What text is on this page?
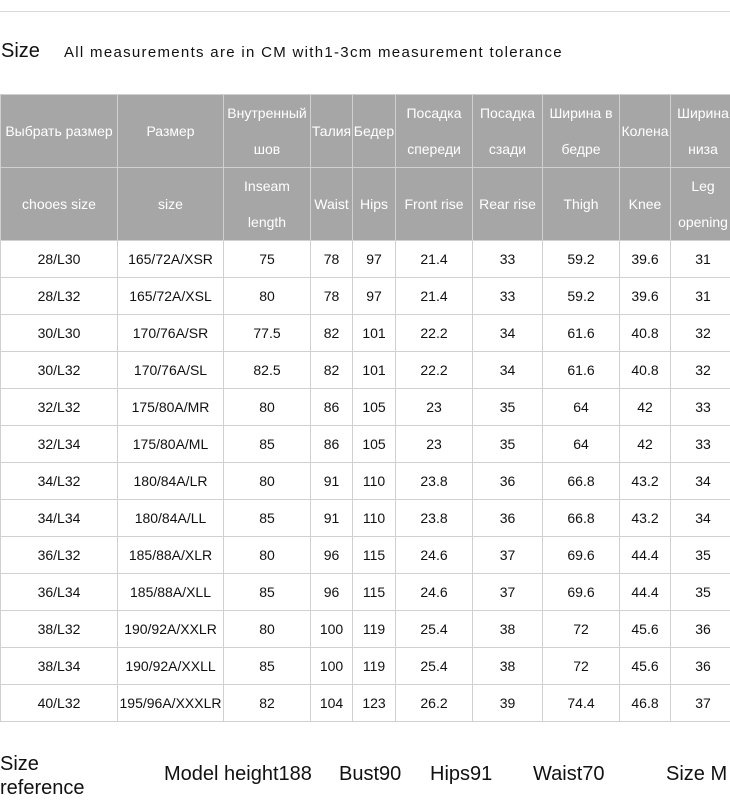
Size All measurements are in CM with1-3cm measurement tolerance
Выбрать размер	Размер	Внутренный шов	Талия	Бедер	Посадка спереди	Посадка сзади	Ширина в бедре	Колена	Ширина низа

chooes size	size	Inseam length	Waist	Hips	Front rise	Rear rise	Thigh	Knee	Leg opening

28/L30	165/72A/XSR	75	78	97	21.4	33	59.2	39.6	31
28/L32	165/72A/XSL	80	78	97	21.4	33	59.2	39.6	31
30/L30	170/76A/SR	77.5	82	101	22.2	34	61.6	40.8	32
30/L32	170/76A/SL	82.5	82	101	22.2	34	61.6	40.8	32
32/L32	175/80A/MR	80	86	105	23	35	64	42	33
32/L34	175/80A/ML	85	86	105	23	35	64	42	33
34/L32	180/84A/LR	80	91	110	23.8	36	66.8	43.2	34
34/L34	180/84A/LL	85	91	110	23.8	36	66.8	43.2	34
36/L32	185/88A/XLR	80	96	115	24.6	37	69.6	44.4	35
36/L34	185/88A/XLL	85	96	115	24.6	37	69.6	44.4	35
38/L32	190/92A/XXLR	80	100	119	25.4	38	72	45.6	36
38/L34	190/92A/XXLL	85	100	119	25.4	38	72	45.6	36
40/L32	195/96A/XXXLR	82	104	123	26.2	39	74.4	46.8	37
Size reference
Model height188 Bust90 Hips91 Waist70	Size M
